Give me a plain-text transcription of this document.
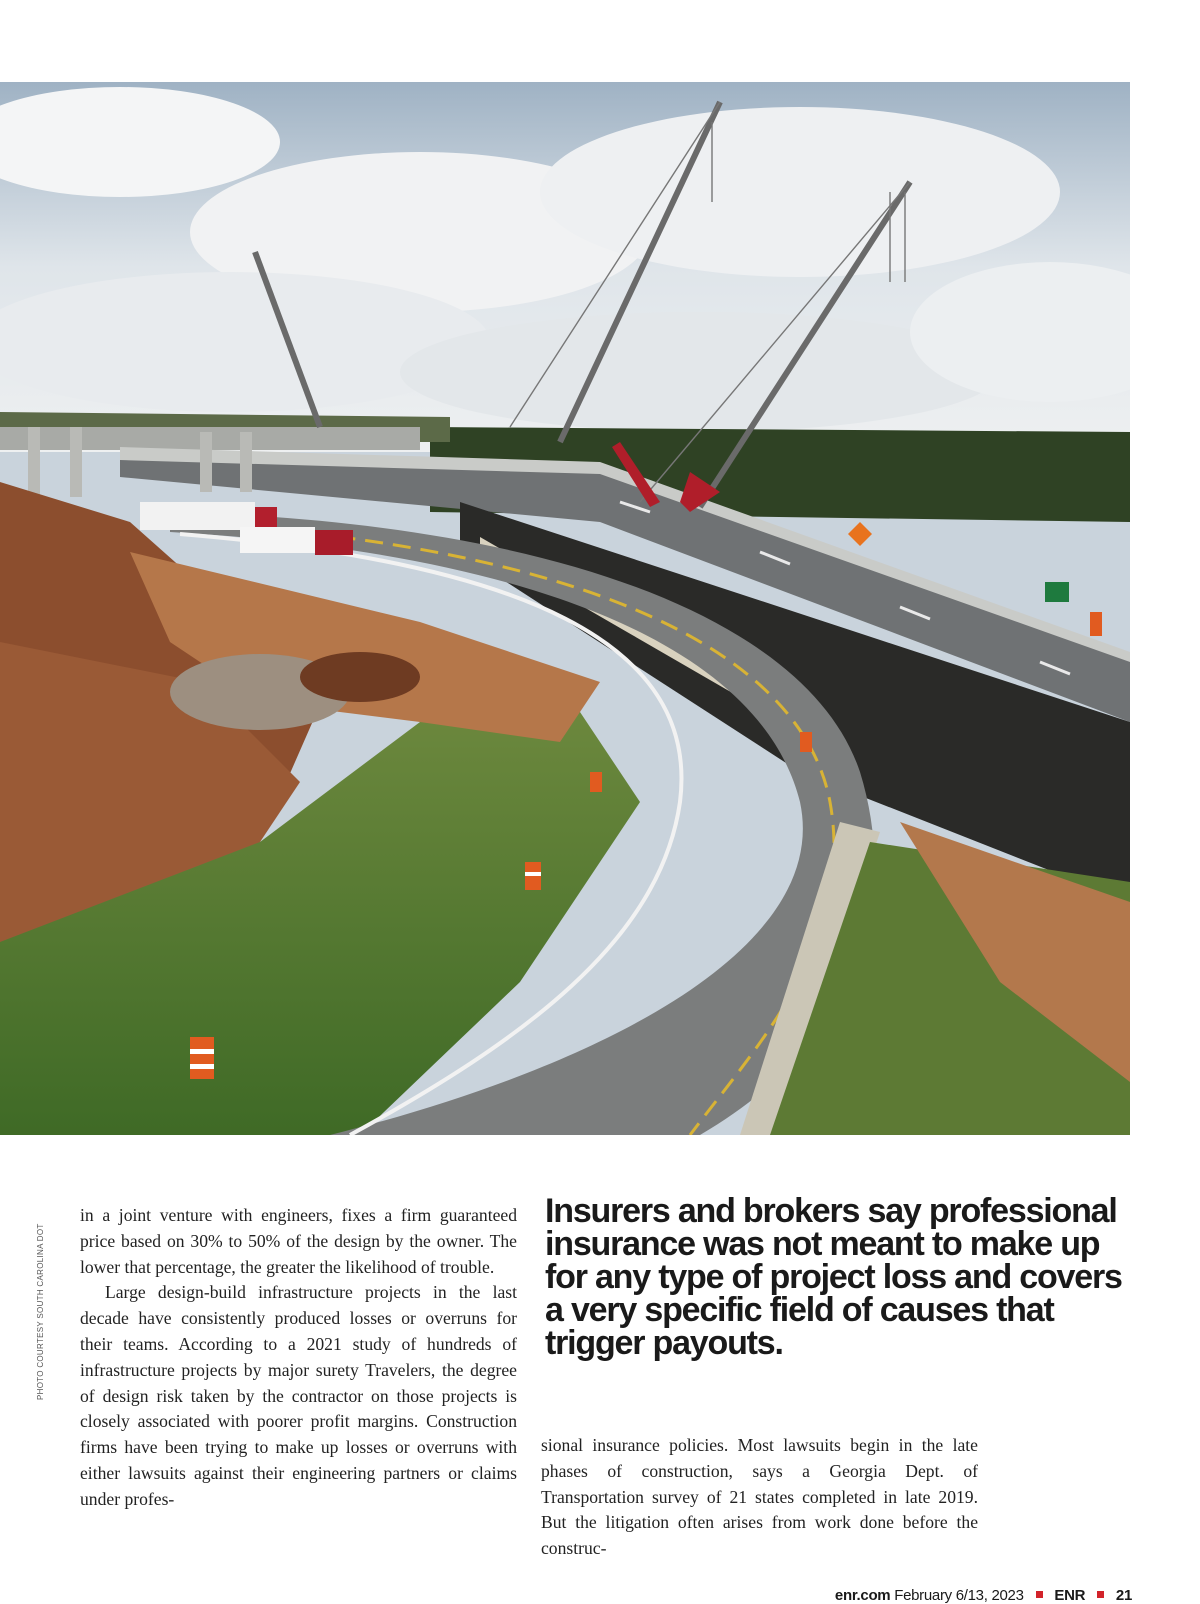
PHOTO COURTESY SOUTH CAROLINA DOT

in a joint venture with engineers, fixes a firm guaranteed price based on 30% to 50% of the design by the owner. The lower that percentage, the greater the likelihood of trouble.

Large design-build infrastructure projects in the last decade have consistently produced losses or overruns for their teams. According to a 2021 study of hundreds of infrastructure projects by major surety Travelers, the degree of design risk taken by the contractor on those projects is closely associated with poorer profit margins. Construction firms have been trying to make up losses or overruns with either lawsuits against their engineering partners or claims under profes-

Insurers and brokers say professional insurance was not meant to make up for any type of project loss and covers a very specific field of causes that trigger payouts.

sional insurance policies. Most lawsuits begin in the late phases of construction, says a Georgia Dept. of Transportation survey of 21 states completed in late 2019. But the litigation often arises from work done before the construc-

enr.com February 6/13, 2023 ENR 21
